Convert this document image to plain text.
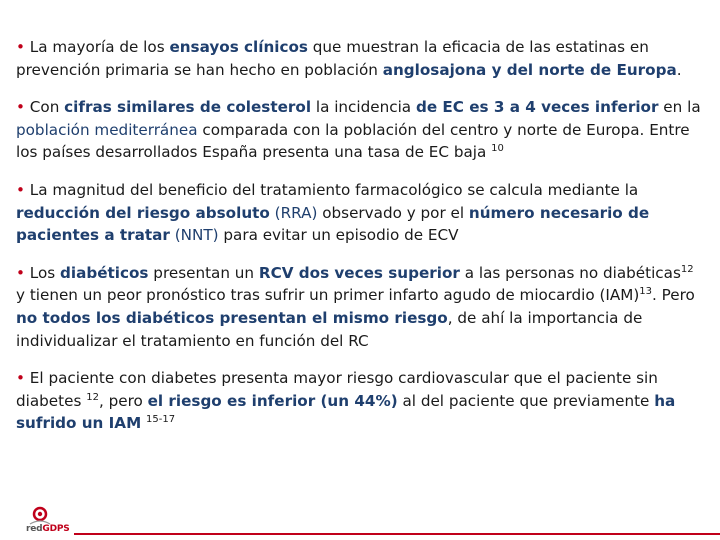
• La mayoría de los ensayos clínicos que muestran la eficacia de las estatinas en prevención primaria se han hecho en población anglosajona y del norte de Europa.

• Con cifras similares de colesterol la incidencia de EC es 3 a 4 veces inferior en la población mediterránea comparada con la población del centro y norte de Europa. Entre los países desarrollados España presenta una tasa de EC baja $^{10}$

• La magnitud del beneficio del tratamiento farmacológico se calcula mediante la reducción del riesgo absoluto (RRA) observado y por el número necesario de pacientes a tratar (NNT) para evitar un episodio de ECV

• Los diabéticos presentan un RCV dos veces superior a las personas no diabéticas$^{12}$ y tienen un peor pronóstico tras sufrir un primer infarto agudo de miocardio (IAM)$^{13}$. Pero no todos los diabéticos presentan el mismo riesgo, de ahí la importancia de individualizar el tratamiento en función del RC

• El paciente con diabetes presenta mayor riesgo cardiovascular que el paciente sin diabetes $^{12}$, pero el riesgo es inferior (un 44%) al del paciente que previamente ha sufrido un IAM $^{15-17}$

redGDPS
